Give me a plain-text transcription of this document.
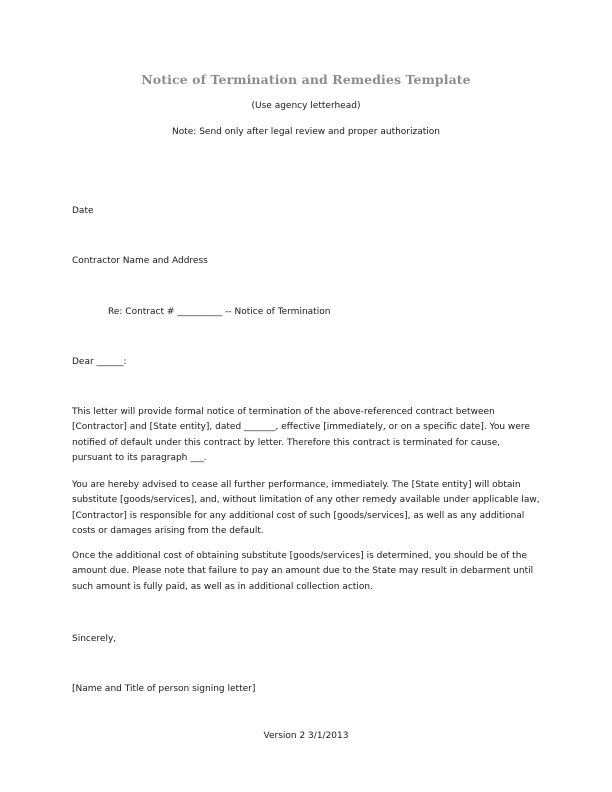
Notice of Termination and Remedies Template
(Use agency letterhead)
Note: Send only after legal review and proper authorization
Date
Contractor Name and Address
Re: Contract # __________ -- Notice of Termination
Dear ______:

This letter will provide formal notice of termination of the above-referenced contract between

[Contractor] and [State entity], dated _______, effective [immediately, or on a specific date]. You were

notified of default under this contract by letter. Therefore this contract is terminated for cause,

pursuant to its paragraph ___.

You are hereby advised to cease all further performance, immediately. The [State entity] will obtain

substitute [goods/services], and, without limitation of any other remedy available under applicable law,

[Contractor] is responsible for any additional cost of such [goods/services], as well as any additional

costs or damages arising from the default.

Once the additional cost of obtaining substitute [goods/services] is determined, you should be of the

amount due. Please note that failure to pay an amount due to the State may result in debarment until

such amount is fully paid, as well as in additional collection action.

Sincerely,
[Name and Title of person signing letter]
Version 2 3/1/2013
